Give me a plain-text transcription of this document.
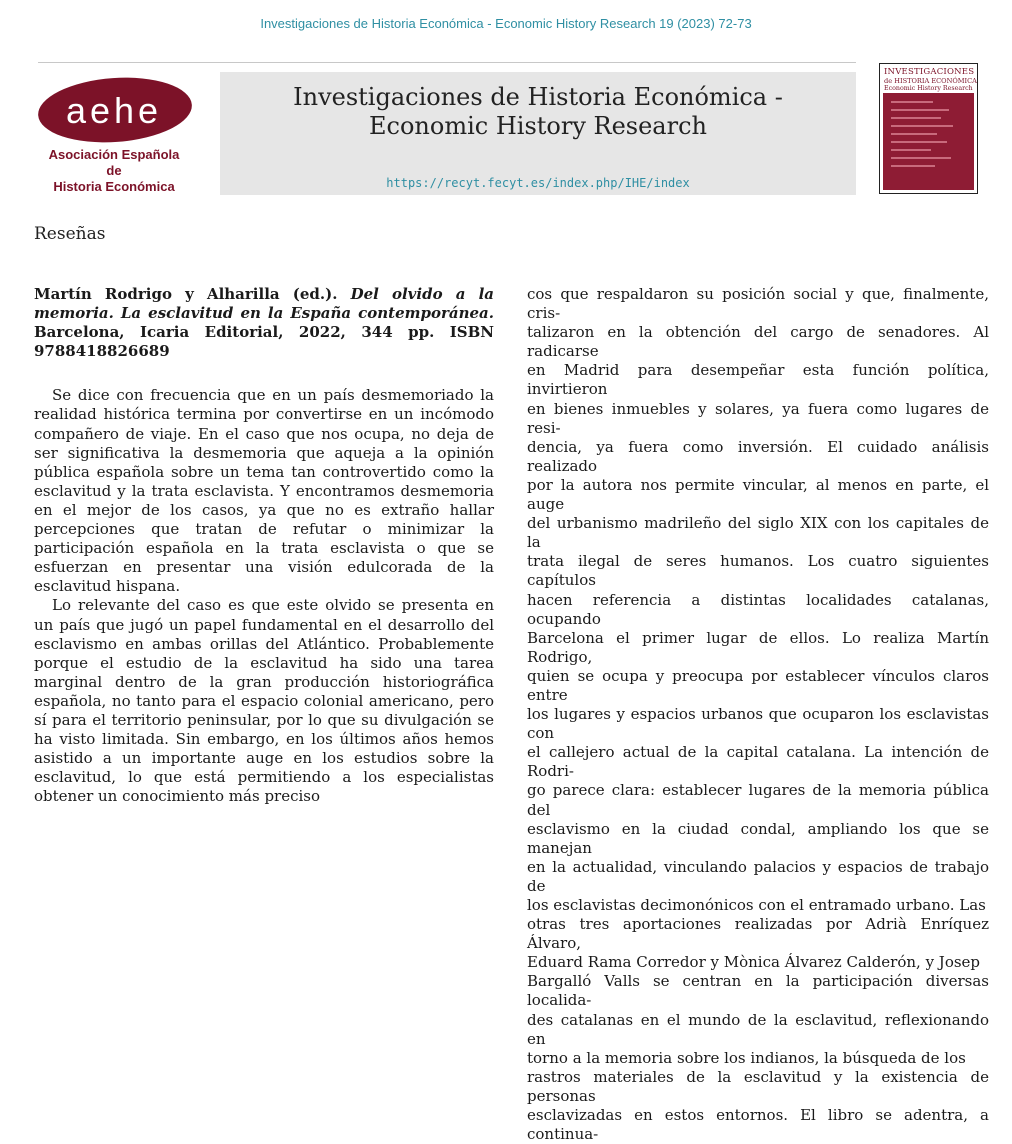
Investigaciones de Historia Económica - Economic History Research 19 (2023) 72-73
aehe
Asociación Española
de
Historia Económica
Investigaciones de Historia Económica -
Economic History Research
https://recyt.fecyt.es/index.php/IHE/index
INVESTIGACIONES
de HISTORIA ECONÓMICA
Economic History Research
Reseñas

Martín Rodrigo y Alharilla (ed.). Del olvido a la memoria. La esclavitud en la España contemporánea. Barcelona, Icaria Editorial, 2022, 344 pp. ISBN 9788418826689

Se dice con frecuencia que en un país desmemoriado la realidad histórica termina por convertirse en un incómodo compañero de viaje. En el caso que nos ocupa, no deja de ser significativa la desmemoria que aqueja a la opinión pública española sobre un tema tan controvertido como la esclavitud y la trata esclavista. Y encontramos desmemoria en el mejor de los casos, ya que no es extraño hallar percepciones que tratan de refutar o minimizar la participación española en la trata esclavista o que se esfuerzan en presentar una visión edulcorada de la esclavitud hispana.

Lo relevante del caso es que este olvido se presenta en un país que jugó un papel fundamental en el desarrollo del esclavismo en ambas orillas del Atlántico. Probablemente porque el estudio de la esclavitud ha sido una tarea marginal dentro de la gran producción historiográfica española, no tanto para el espacio colonial americano, pero sí para el territorio peninsular, por lo que su divulgación se ha visto limitada. Sin embargo, en los últimos años hemos asistido a un importante auge en los estudios sobre la esclavitud, lo que está permitiendo a los especialistas obtener un conocimiento más preciso

cos que respaldaron su posición social y que, finalmente, cris-
talizaron en la obtención del cargo de senadores. Al radicarse
en Madrid para desempeñar esta función política, invirtieron
en bienes inmuebles y solares, ya fuera como lugares de resi-
dencia, ya fuera como inversión. El cuidado análisis realizado
por la autora nos permite vincular, al menos en parte, el auge
del urbanismo madrileño del siglo XIX con los capitales de la
trata ilegal de seres humanos. Los cuatro siguientes capítulos
hacen referencia a distintas localidades catalanas, ocupando
Barcelona el primer lugar de ellos. Lo realiza Martín Rodrigo,
quien se ocupa y preocupa por establecer vínculos claros entre
los lugares y espacios urbanos que ocuparon los esclavistas con
el callejero actual de la capital catalana. La intención de Rodri-
go parece clara: establecer lugares de la memoria pública del
esclavismo en la ciudad condal, ampliando los que se manejan
en la actualidad, vinculando palacios y espacios de trabajo de
los esclavistas decimonónicos con el entramado urbano. Las
otras tres aportaciones realizadas por Adrià Enríquez Álvaro,
Eduard Rama Corredor y Mònica Álvarez Calderón, y Josep
Bargalló Valls se centran en la participación diversas localida-
des catalanas en el mundo de la esclavitud, reflexionando en
torno a la memoria sobre los indianos, la búsqueda de los
rastros materiales de la esclavitud y la existencia de personas
esclavizadas en estos entornos. El libro se adentra, a continua-
